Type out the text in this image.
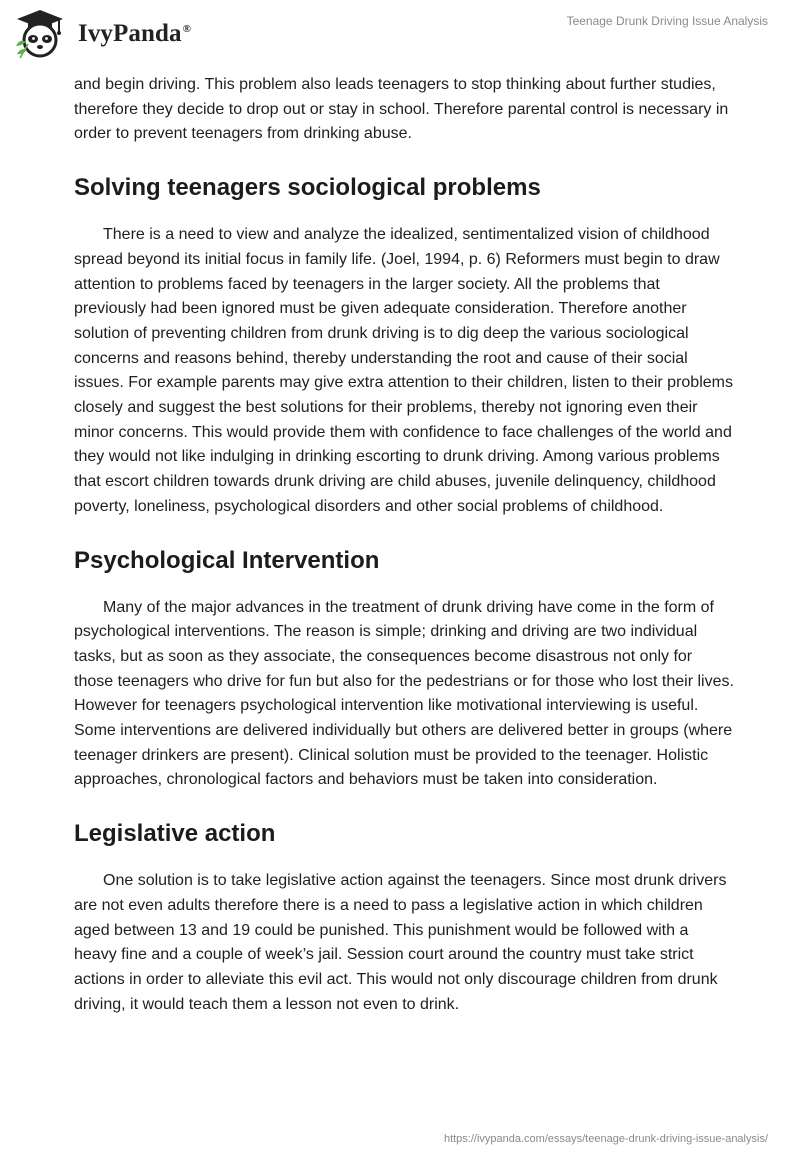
IvyPanda®
Teenage Drunk Driving Issue Analysis

and begin driving. This problem also leads teenagers to stop thinking about further studies, therefore they decide to drop out or stay in school. Therefore parental control is necessary in order to prevent teenagers from drinking abuse.

Solving teenagers sociological problems

There is a need to view and analyze the idealized, sentimentalized vision of childhood spread beyond its initial focus in family life. (Joel, 1994, p. 6) Reformers must begin to draw attention to problems faced by teenagers in the larger society. All the problems that previously had been ignored must be given adequate consideration. Therefore another solution of preventing children from drunk driving is to dig deep the various sociological concerns and reasons behind, thereby understanding the root and cause of their social issues. For example parents may give extra attention to their children, listen to their problems closely and suggest the best solutions for their problems, thereby not ignoring even their minor concerns. This would provide them with confidence to face challenges of the world and they would not like indulging in drinking escorting to drunk driving. Among various problems that escort children towards drunk driving are child abuses, juvenile delinquency, childhood poverty, loneliness, psychological disorders and other social problems of childhood.

Psychological Intervention

Many of the major advances in the treatment of drunk driving have come in the form of psychological interventions. The reason is simple; drinking and driving are two individual tasks, but as soon as they associate, the consequences become disastrous not only for those teenagers who drive for fun but also for the pedestrians or for those who lost their lives. However for teenagers psychological intervention like motivational interviewing is useful. Some interventions are delivered individually but others are delivered better in groups (where teenager drinkers are present). Clinical solution must be provided to the teenager. Holistic approaches, chronological factors and behaviors must be taken into consideration.

Legislative action

One solution is to take legislative action against the teenagers. Since most drunk drivers are not even adults therefore there is a need to pass a legislative action in which children aged between 13 and 19 could be punished. This punishment would be followed with a heavy fine and a couple of week’s jail. Session court around the country must take strict actions in order to alleviate this evil act. This would not only discourage children from drunk driving, it would teach them a lesson not even to drink.

https://ivypanda.com/essays/teenage-drunk-driving-issue-analysis/
